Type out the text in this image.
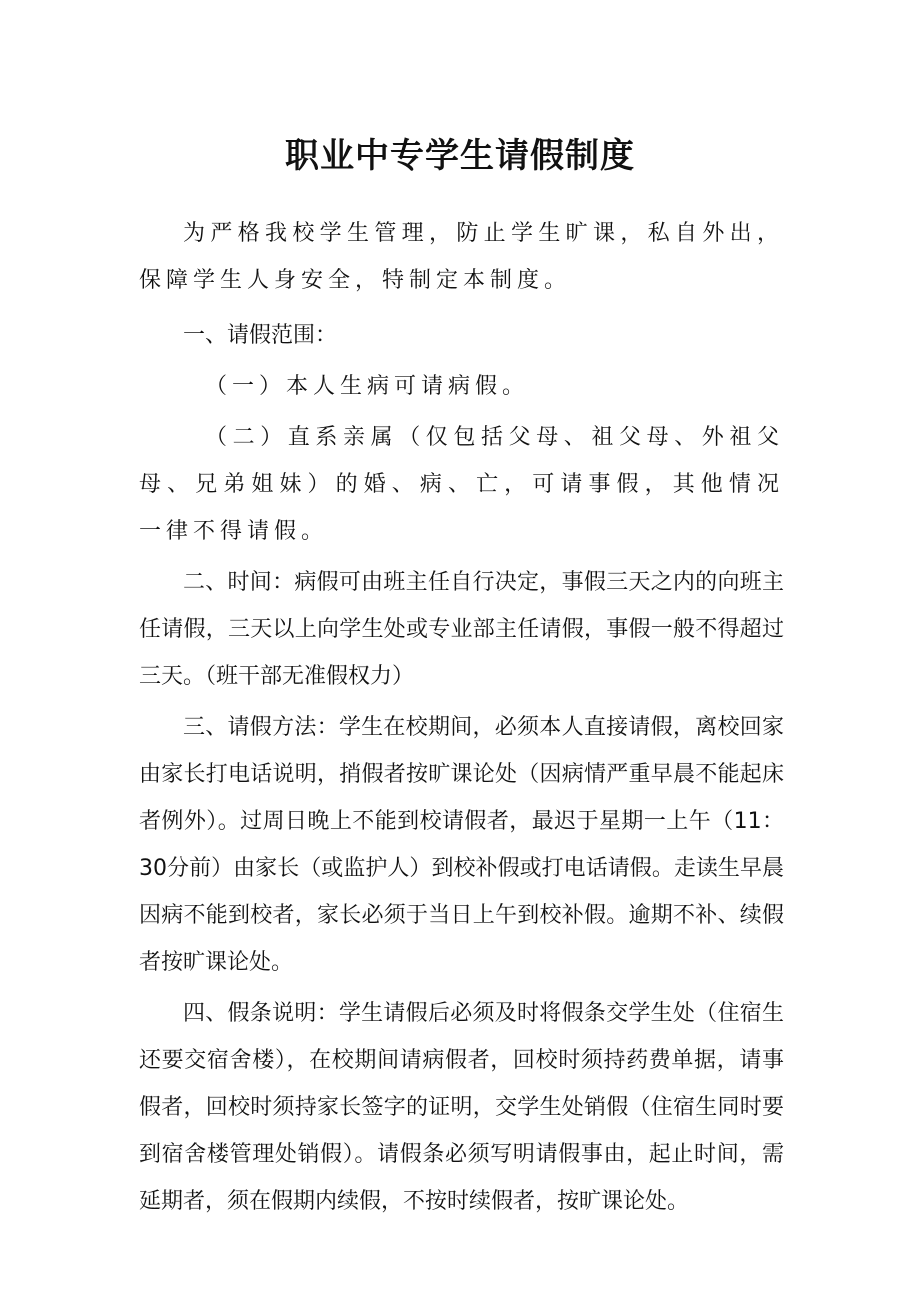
职业中专学生请假制度

为严格我校学生管理，防止学生旷课，私自外出，保障学生人身安全，特制定本制度。

一、请假范围：

（一）本人生病可请病假。

（二）直系亲属（仅包括父母、祖父母、外祖父母、兄弟姐妹）的婚、病、亡，可请事假，其他情况一律不得请假。

二、时间：病假可由班主任自行决定，事假三天之内的向班主任请假，三天以上向学生处或专业部主任请假，事假一般不得超过三天。（班干部无准假权力）

三、请假方法：学生在校期间，必须本人直接请假，离校回家由家长打电话说明，捎假者按旷课论处（因病情严重早晨不能起床者例外）。过周日晚上不能到校请假者，最迟于星期一上午（11：30分前）由家长（或监护人）到校补假或打电话请假。走读生早晨因病不能到校者，家长必须于当日上午到校补假。逾期不补、续假者按旷课论处。

四、假条说明：学生请假后必须及时将假条交学生处（住宿生还要交宿舍楼），在校期间请病假者，回校时须持药费单据，请事假者，回校时须持家长签字的证明，交学生处销假（住宿生同时要到宿舍楼管理处销假）。请假条必须写明请假事由，起止时间，需延期者，须在假期内续假，不按时续假者，按旷课论处。
